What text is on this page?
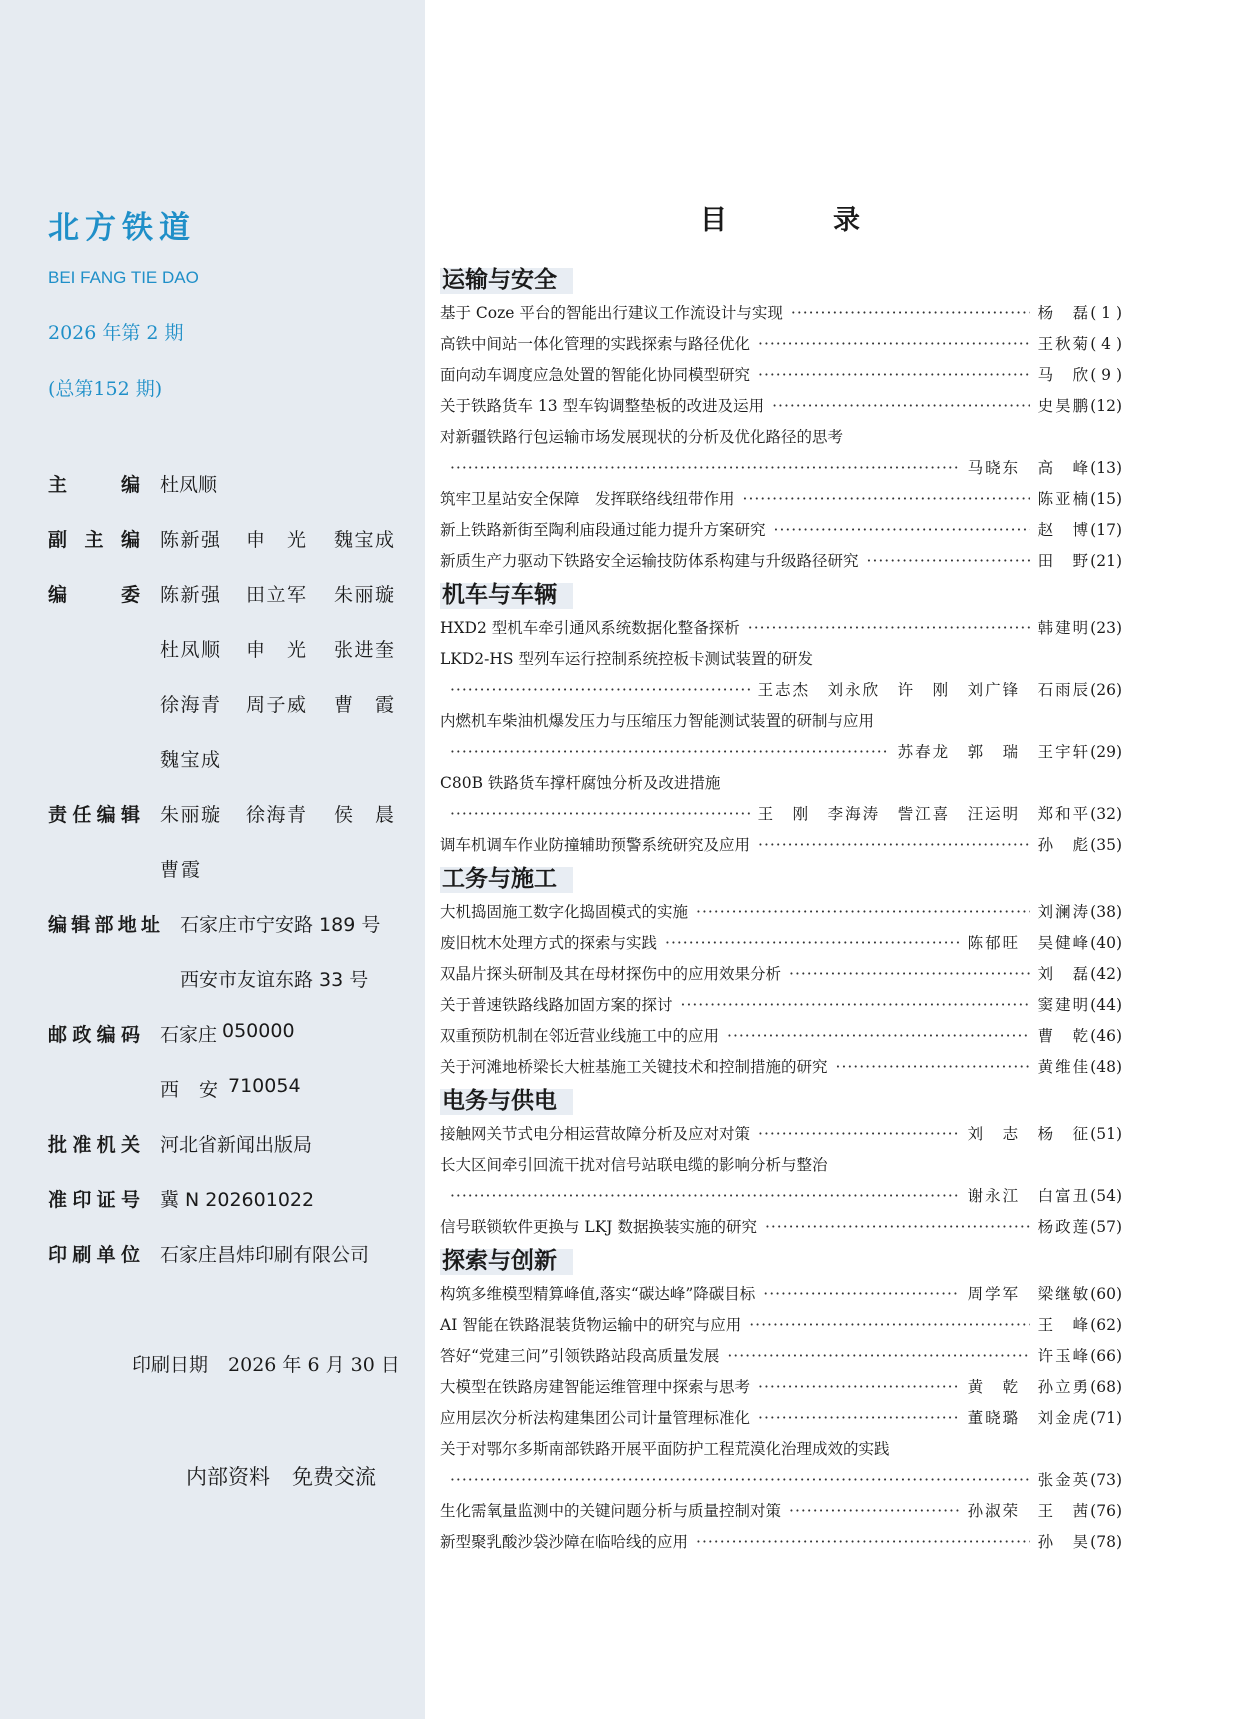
北方铁道
BEI FANG TIE DAO
2026 年第 2 期
(总第152 期)
主编 杜凤顺
副主编 陈新强 申光 魏宝成
编委 陈新强 田立军 朱丽璇
杜凤顺 申光 张进奎
徐海青 周子威 曹霞
魏宝成
责任编辑 朱丽璇 徐海青 侯晨
曹霞
编辑部地址 石家庄市宁安路 189 号
西安市友谊东路 33 号
邮政编码 石家庄 050000
西安 710054
批准机关 河北省新闻出版局
准印证号 冀 N 202601022
印刷单位 石家庄昌炜印刷有限公司
印刷日期 2026 年 6 月 30 日
内部资料 免费交流
目录
运输与安全
基于 Coze 平台的智能出行建议工作流设计与实现 ·····	杨　磊 ( 1 )
高铁中间站一体化管理的实践探索与路径优化 ·····	王秋菊 ( 4 )
面向动车调度应急处置的智能化协同模型研究 ·····	马　欣 ( 9 )
关于铁路货车 13 型车钩调整垫板的改进及运用 ·····	史昊鹏 (12)
对新疆铁路行包运输市场发展现状的分析及优化路径的思考
·····
马晓东　高　峰 (13)
筑牢卫星站安全保障　发挥联络线纽带作用 ·····	陈亚楠 (15)
新上铁路新街至陶利庙段通过能力提升方案研究 ·····	赵　博 (17)
新质生产力驱动下铁路安全运输技防体系构建与升级路径研究 ·····	田　野 (21)
机车与车辆
HXD2 型机车牵引通风系统数据化整备探析 ·····	韩建明 (23)
LKD2-HS 型列车运行控制系统控板卡测试装置的研发
·····
王志杰　刘永欣　许　刚　刘广锋　石雨辰 (26)
内燃机车柴油机爆发压力与压缩压力智能测试装置的研制与应用
·····
苏春龙　郭　瑞　王宇轩 (29)
C80B 铁路货车撑杆腐蚀分析及改进措施
·····
王　刚　李海涛　訾江喜　汪运明　郑和平 (32)
调车机调车作业防撞辅助预警系统研究及应用 ·····	孙　彪 (35)
工务与施工
大机捣固施工数字化捣固模式的实施 ·····	刘澜涛 (38)
废旧枕木处理方式的探索与实践 ·····	陈郁旺　吴健峰 (40)
双晶片探头研制及其在母材探伤中的应用效果分析 ·····	刘　磊 (42)
关于普速铁路线路加固方案的探讨 ·····	窦建明 (44)
双重预防机制在邻近营业线施工中的应用 ·····	曹　乾 (46)
关于河滩地桥梁长大桩基施工关键技术和控制措施的研究 ·····	黄维佳 (48)
电务与供电
接触网关节式电分相运营故障分析及应对对策 ·····	刘　志　杨　征 (51)
长大区间牵引回流干扰对信号站联电缆的影响分析与整治
·····
谢永江　白富丑 (54)
信号联锁软件更换与 LKJ 数据换装实施的研究 ·····	杨政莲 (57)
探索与创新
构筑多维模型精算峰值,落实“碳达峰”降碳目标 ·····	周学军　梁继敏 (60)
AI 智能在铁路混装货物运输中的研究与应用 ·····	王　峰 (62)
答好“党建三问”引领铁路站段高质量发展 ·····	许玉峰 (66)
大模型在铁路房建智能运维管理中探索与思考 ·····	黄　乾　孙立勇 (68)
应用层次分析法构建集团公司计量管理标准化 ·····	董晓璐　刘金虎 (71)
关于对鄂尔多斯南部铁路开展平面防护工程荒漠化治理成效的实践
·····
张金英 (73)
生化需氧量监测中的关键问题分析与质量控制对策 ·····	孙淑荣　王　茜 (76)
新型聚乳酸沙袋沙障在临哈线的应用 ·····	孙　昊 (78)
